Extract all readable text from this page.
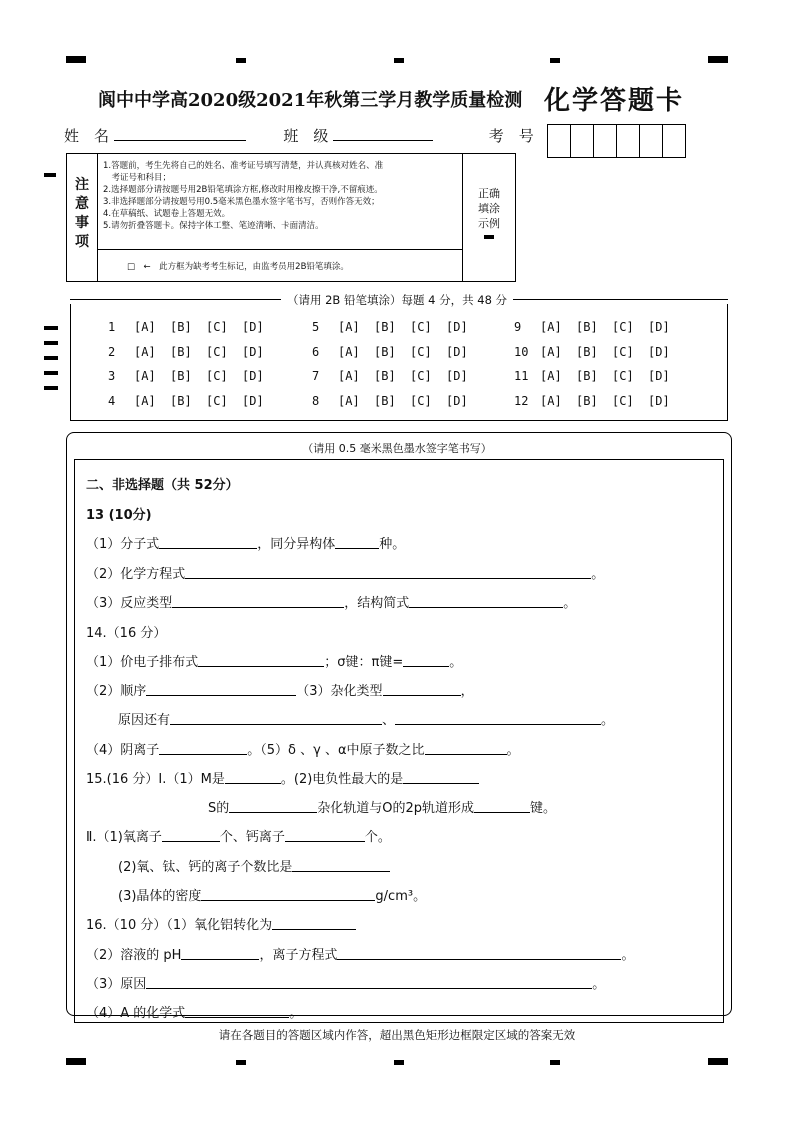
阆中中学高2020级2021年秋第三学月教学质量检测 化学答题卡
姓　名	班　级	考　号
注
意
事
项
1.答题前，考生先将自己的姓名、准考证号填写清楚，并认真核对姓名、准
　考证号和科目；
2.选择题部分请按题号用2B铅笔填涂方框,修改时用橡皮擦干净,不留痕迹。
3.非选择题部分请按题号用0.5毫米黑色墨水签字笔书写，否则作答无效；
4.在草稿纸、试题卷上答题无效。
5.请勿折叠答题卡。保持字体工整、笔迹清晰、卡面清洁。
□　←　此方框为缺考考生标记，由监考员用2B铅笔填涂。
正确
填涂
示例
（请用 2B 铅笔填涂）每题 4 分，共 48 分
1 [A] [B] [C] [D]
2 [A] [B] [C] [D]
3 [A] [B] [C] [D]
4 [A] [B] [C] [D]
5 [A] [B] [C] [D]
6 [A] [B] [C] [D]
7 [A] [B] [C] [D]
8 [A] [B] [C] [D]
9 [A] [B] [C] [D]
10 [A] [B] [C] [D]
11 [A] [B] [C] [D]
12 [A] [B] [C] [D]
（请用 0.5 毫米黑色墨水签字笔书写）
二、非选择题（共 52分）
13 (10分)
（1）分子式	，同分异构体	种。
（2）化学方程式	。
（3）反应类型	，结构简式	。
14.（16 分）
（1）价电子排布式	；σ键：π键=	。
（2）顺序	（3）杂化类型	，
原因还有	、	。
（4）阴离子	。（5）δ 、γ 、α中原子数之比	。
15.(16 分）Ⅰ.（1）M是	。(2)电负性最大的是
S的	杂化轨道与O的2p轨道形成	键。
Ⅱ.（1)氧离子	个、钙离子	个。
(2)氧、钛、钙的离子个数比是
(3)晶体的密度	g/cm³。
16.（10 分）（1）氧化铝转化为
（2）溶液的 pH	，离子方程式	。
（3）原因	。
（4）A 的化学式	。
请在各题目的答题区域内作答，超出黑色矩形边框限定区域的答案无效
